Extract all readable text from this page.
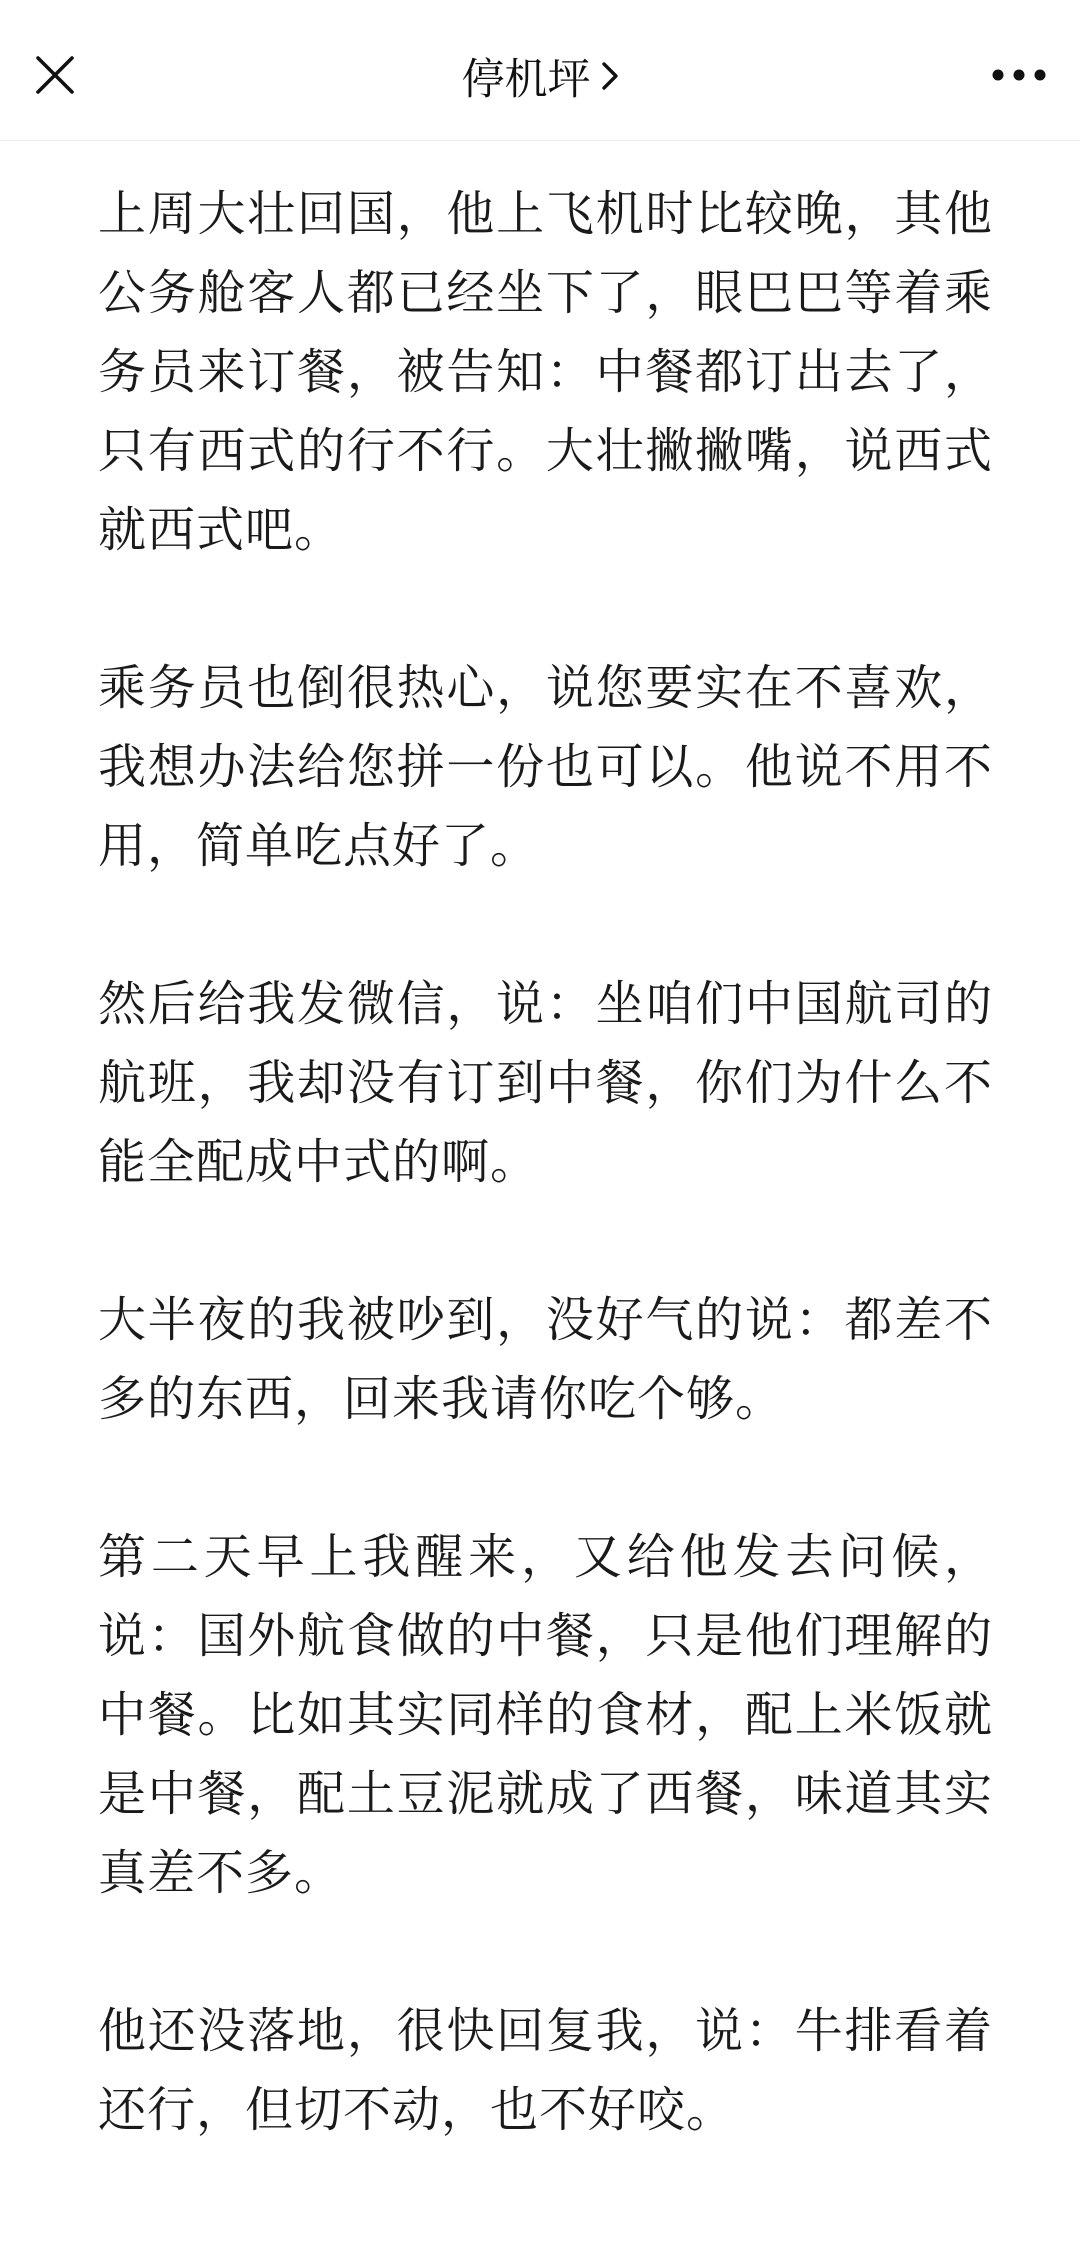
停机坪

上周大壮回国，他上飞机时比较晚，其他公务舱客人都已经坐下了，眼巴巴等着乘务员来订餐，被告知：中餐都订出去了，只有西式的行不行。大壮撇撇嘴，说西式就西式吧。

乘务员也倒很热心，说您要实在不喜欢，我想办法给您拼一份也可以。他说不用不用，简单吃点好了。

然后给我发微信，说：坐咱们中国航司的航班，我却没有订到中餐，你们为什么不能全配成中式的啊。

大半夜的我被吵到，没好气的说：都差不多的东西，回来我请你吃个够。

第二天早上我醒来，又给他发去问候，说：国外航食做的中餐，只是他们理解的中餐。比如其实同样的食材，配上米饭就是中餐，配土豆泥就成了西餐，味道其实真差不多。

他还没落地，很快回复我，说：牛排看着还行，但切不动，也不好咬。
